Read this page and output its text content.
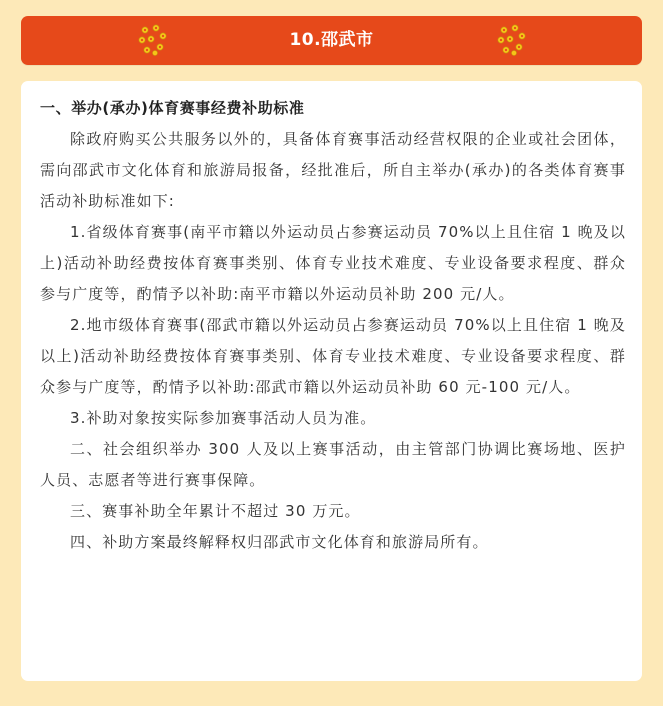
10.邵武市

一、举办(承办)体育赛事经费补助标准

除政府购买公共服务以外的，具备体育赛事活动经营权限的企业或社会团体，需向邵武市文化体育和旅游局报备，经批准后，所自主举办(承办)的各类体育赛事活动补助标准如下:

1.省级体育赛事(南平市籍以外运动员占参赛运动员 70%以上且住宿 1 晚及以上)活动补助经费按体育赛事类别、体育专业技术难度、专业设备要求程度、群众参与广度等，酌情予以补助:南平市籍以外运动员补助 200 元/人。

2.地市级体育赛事(邵武市籍以外运动员占参赛运动员 70%以上且住宿 1 晚及以上)活动补助经费按体育赛事类别、体育专业技术难度、专业设备要求程度、群众参与广度等，酌情予以补助:邵武市籍以外运动员补助 60 元-100 元/人。

3.补助对象按实际参加赛事活动人员为准。

二、社会组织举办 300 人及以上赛事活动，由主管部门协调比赛场地、医护人员、志愿者等进行赛事保障。

三、赛事补助全年累计不超过 30 万元。

四、补助方案最终解释权归邵武市文化体育和旅游局所有。
